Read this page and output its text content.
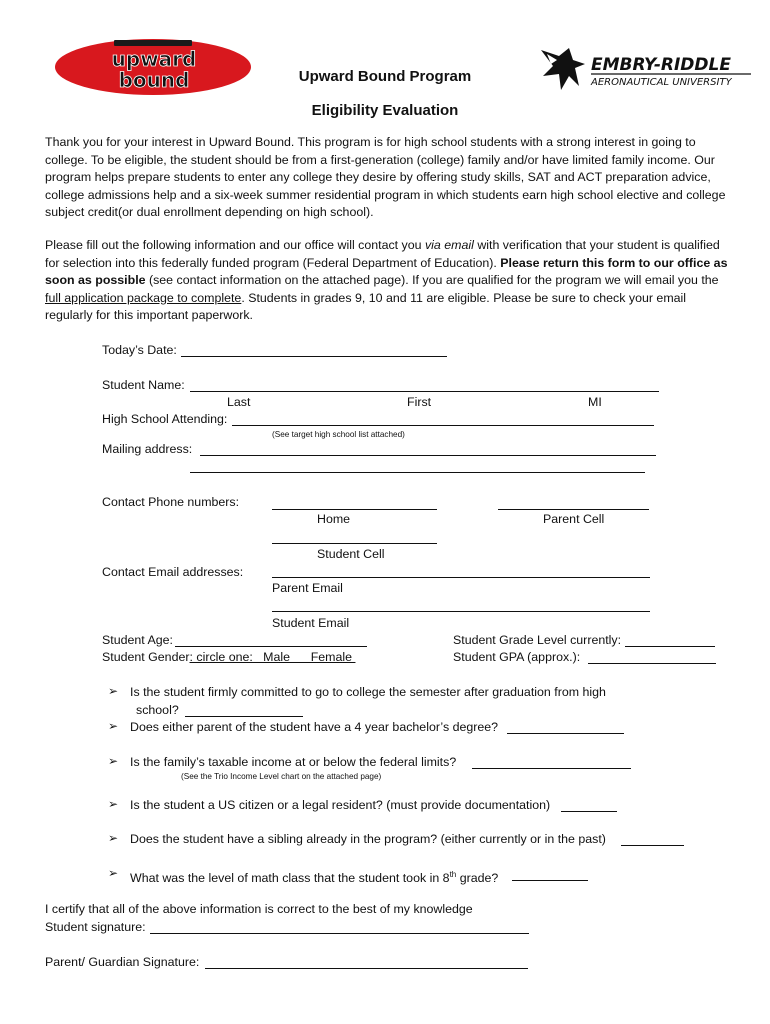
upward
bound

EMBRY-RIDDLE
AERONAUTICAL UNIVERSITY

Upward Bound Program
Eligibility Evaluation
Thank you for your interest in Upward Bound. This program is for high school students with a strong interest in going to college. To be eligible, the student should be from a first-generation (college) family and/or have limited family income. Our program helps prepare students to enter any college they desire by offering study skills, SAT and ACT preparation advice, college admissions help and a six-week summer residential program in which students earn high school elective and college subject credit(or dual enrollment depending on high school).
Please fill out the following information and our office will contact you via email with verification that your student is qualified for selection into this federally funded program (Federal Department of Education). Please return this form to our office as soon as possible (see contact information on the attached page). If you are qualified for the program we will email you the full application package to complete. Students in grades 9, 10 and 11 are eligible. Please be sure to check your email regularly for this important paperwork.
Today’s Date:
Student Name:
Last	First	MI
High School Attending:
(See target high school list attached)
Mailing address:
Contact Phone numbers:
Home	Parent Cell
Student Cell
Contact Email addresses:
Parent Email
Student Email
Student Age:	Student Grade Level currently:
Student Gender: circle one:   Male      Female	Student GPA (approx.):
➢ Is the student firmly committed to go to college the semester after graduation from high
school?
➢ Does either parent of the student have a 4 year bachelor’s degree?
➢ Is the family’s taxable income at or below the federal limits?
(See the Trio Income Level chart on the attached page)
➢ Is the student a US citizen or a legal resident? (must provide documentation)
➢ Does the student have a sibling already in the program? (either currently or in the past)
➢ What was the level of math class that the student took in 8th grade?
I certify that all of the above information is correct to the best of my knowledge
Student signature:
Parent/ Guardian Signature:
